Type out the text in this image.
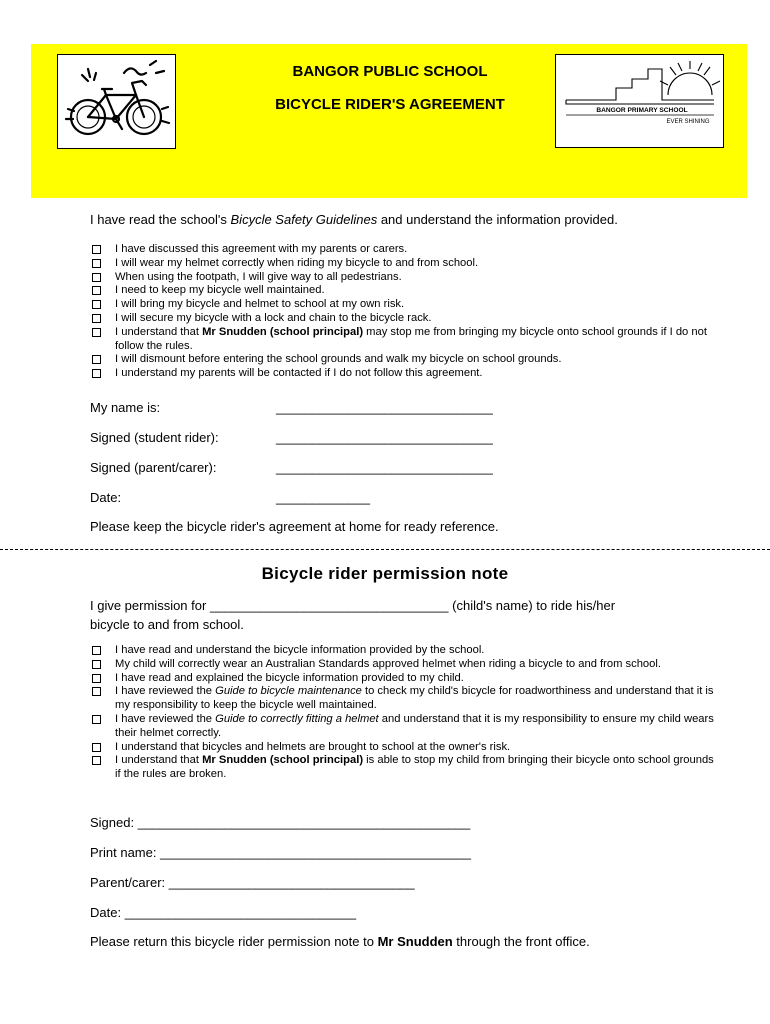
BANGOR PRIMARY SCHOOL
EVER SHINING
BANGOR PUBLIC SCHOOL
BICYCLE RIDER'S AGREEMENT
I have read the school's Bicycle Safety Guidelines and understand the information provided.
I have discussed this agreement with my parents or carers.
I will wear my helmet correctly when riding my bicycle to and from school.
When using the footpath, I will give way to all pedestrians.
I need to keep my bicycle well maintained.
I will bring my bicycle and helmet to school at my own risk.
I will secure my bicycle with a lock and chain to the bicycle rack.
I understand that Mr Snudden (school principal) may stop me from bringing my bicycle onto school grounds if I do not follow the rules.
I will dismount before entering the school grounds and walk my bicycle on school grounds.
I understand my parents will be contacted if I do not follow this agreement.
My name is:	______________________________
Signed (student rider):	______________________________
Signed (parent/carer):	______________________________
Date:	_____________
Please keep the bicycle rider's agreement at home for ready reference.
Bicycle rider permission note
I give permission for _________________________________ (child's name) to ride his/her
bicycle to and from school.
I have read and understand the bicycle information provided by the school.
My child will correctly wear an Australian Standards approved helmet when riding a bicycle to and from school.
I have read and explained the bicycle information provided to my child.
I have reviewed the Guide to bicycle maintenance to check my child's bicycle for roadworthiness and understand that it is my responsibility to keep the bicycle well maintained.
I have reviewed the Guide to correctly fitting a helmet and understand that it is my responsibility to ensure my child wears their helmet correctly.
I understand that bicycles and helmets are brought to school at the owner's risk.
I understand that Mr Snudden (school principal) is able to stop my child from bringing their bicycle onto school grounds if the rules are broken.
Signed: ______________________________________________
Print name: ___________________________________________
Parent/carer: __________________________________
Date: ________________________________
Please return this bicycle rider permission note to Mr Snudden through the front office.
